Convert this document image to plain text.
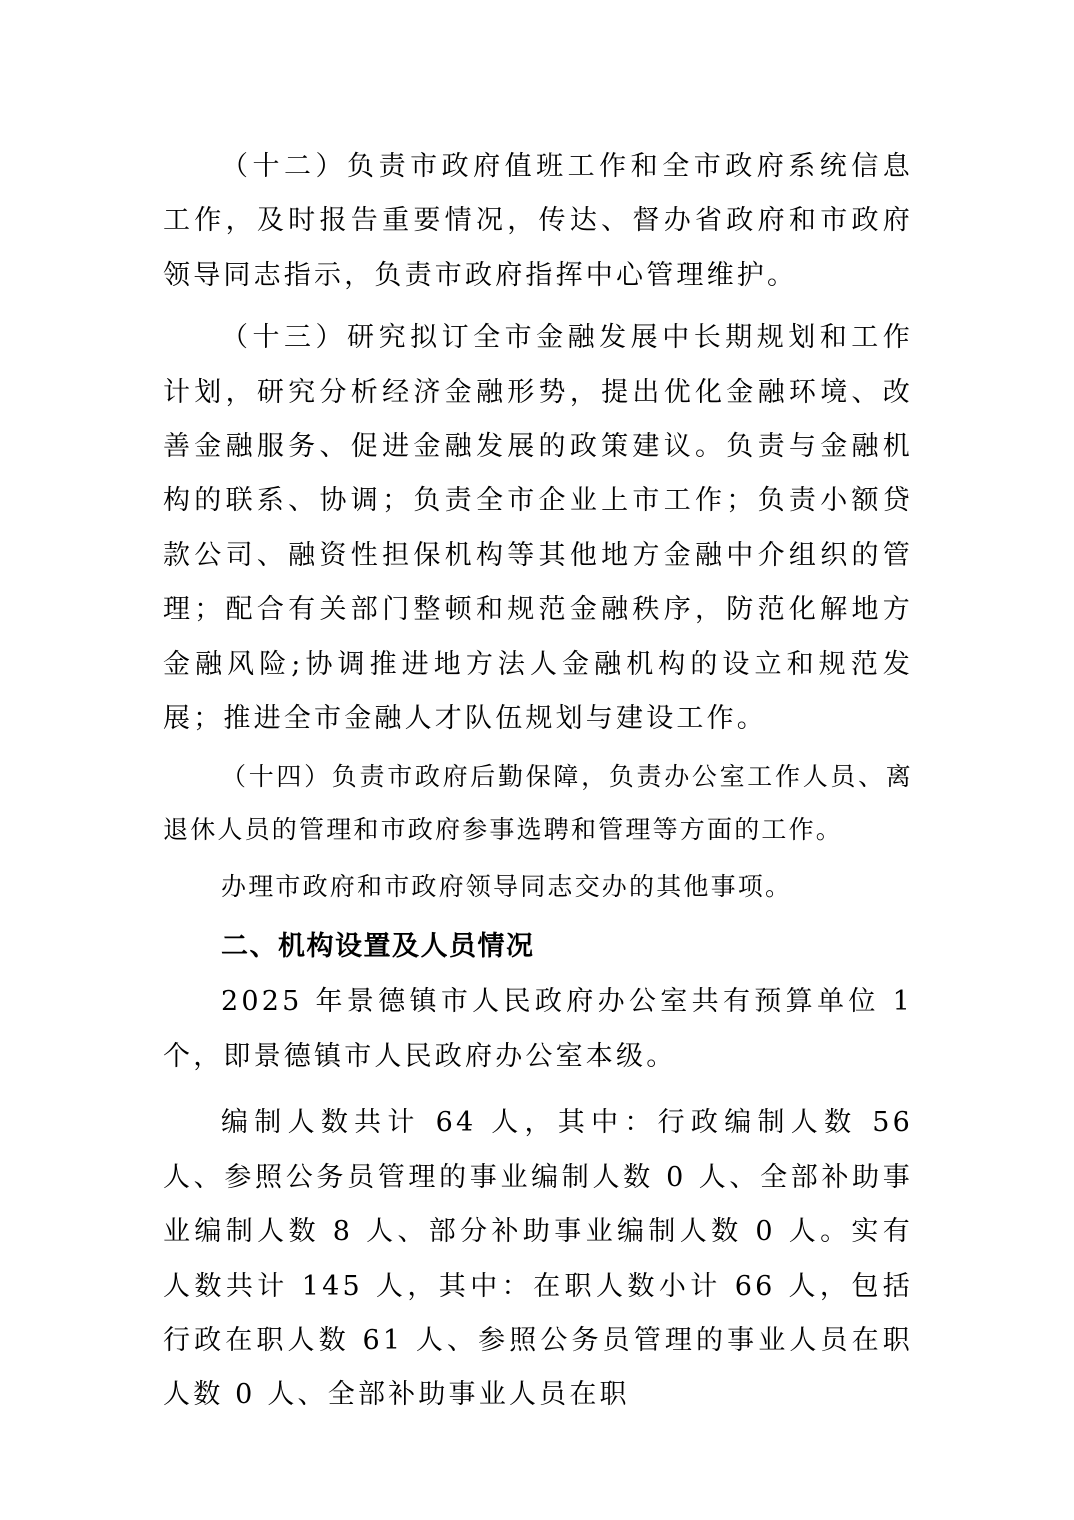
（十二）负责市政府值班工作和全市政府系统信息工作，及时报告重要情况，传达、督办省政府和市政府领导同志指示，负责市政府指挥中心管理维护。

（十三）研究拟订全市金融发展中长期规划和工作计划，研究分析经济金融形势，提出优化金融环境、改善金融服务、促进金融发展的政策建议。负责与金融机构的联系、协调；负责全市企业上市工作；负责小额贷款公司、融资性担保机构等其他地方金融中介组织的管理；配合有关部门整顿和规范金融秩序，防范化解地方金融风险;协调推进地方法人金融机构的设立和规范发展；推进全市金融人才队伍规划与建设工作。

（十四）负责市政府后勤保障，负责办公室工作人员、离退休人员的管理和市政府参事选聘和管理等方面的工作。

办理市政府和市政府领导同志交办的其他事项。

二、机构设置及人员情况

2025 年景德镇市人民政府办公室共有预算单位 1 个，即景德镇市人民政府办公室本级。

编制人数共计 64 人，其中：行政编制人数 56 人、参照公务员管理的事业编制人数 0 人、全部补助事业编制人数 8 人、部分补助事业编制人数 0 人。实有人数共计 145 人，其中：在职人数小计 66 人，包括行政在职人数 61 人、参照公务员管理的事业人员在职人数 0 人、全部补助事业人员在职
